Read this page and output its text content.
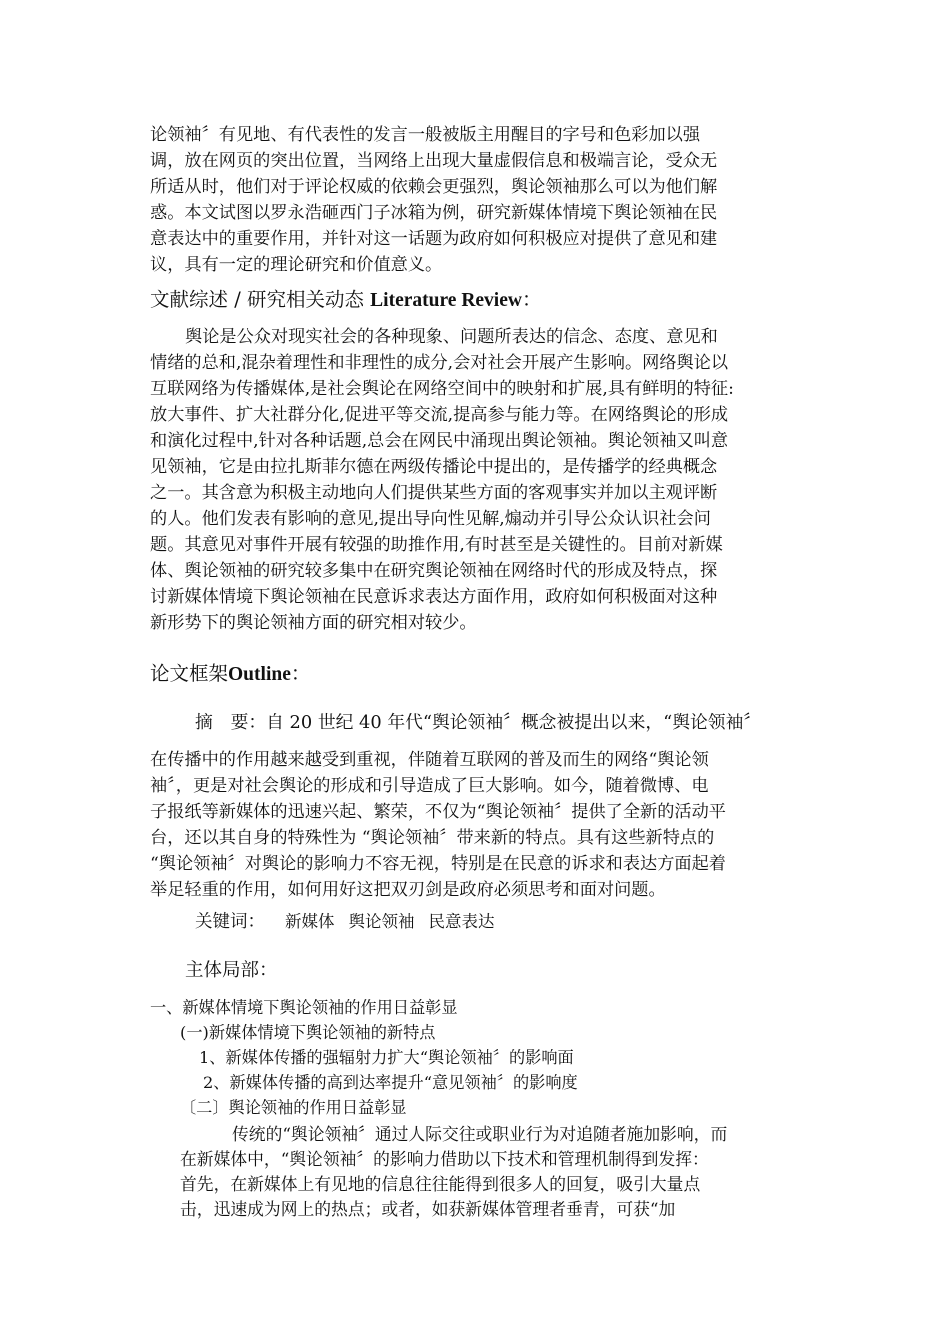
论领袖〞有见地、有代表性的发言一般被版主用醒目的字号和色彩加以强
调，放在网页的突出位置，当网络上出现大量虚假信息和极端言论，受众无
所适从时，他们对于评论权威的依赖会更强烈，舆论领袖那么可以为他们解
惑。本文试图以罗永浩砸西门子冰箱为例，研究新媒体情境下舆论领袖在民
意表达中的重要作用，并针对这一话题为政府如何积极应对提供了意见和建
议，具有一定的理论研究和价值意义。
文献综述 / 研究相关动态 Literature Review：
舆论是公众对现实社会的各种现象、问题所表达的信念、态度、意见和
情绪的总和,混杂着理性和非理性的成分,会对社会开展产生影响。网络舆论以
互联网络为传播媒体,是社会舆论在网络空间中的映射和扩展,具有鲜明的特征:
放大事件、扩大社群分化,促进平等交流,提高参与能力等。在网络舆论的形成
和演化过程中,针对各种话题,总会在网民中涌现出舆论领袖。舆论领袖又叫意
见领袖，它是由拉扎斯菲尔德在两级传播论中提出的，是传播学的经典概念
之一。其含意为积极主动地向人们提供某些方面的客观事实并加以主观评断
的人。他们发表有影响的意见,提出导向性见解,煽动并引导公众认识社会问
题。其意见对事件开展有较强的助推作用,有时甚至是关键性的。目前对新媒
体、舆论领袖的研究较多集中在研究舆论领袖在网络时代的形成及特点，探
讨新媒体情境下舆论领袖在民意诉求表达方面作用，政府如何积极面对这种
新形势下的舆论领袖方面的研究相对较少。
论文框架Outline：
摘　要：自 20 世纪 40 年代“舆论领袖〞概念被提出以来，“舆论领袖〞
在传播中的作用越来越受到重视，伴随着互联网的普及而生的网络“舆论领
袖〞，更是对社会舆论的形成和引导造成了巨大影响。如今，随着微博、电
子报纸等新媒体的迅速兴起、繁荣，不仅为“舆论领袖〞提供了全新的活动平
台，还以其自身的特殊性为 “舆论领袖〞带来新的特点。具有这些新特点的
“舆论领袖〞对舆论的影响力不容无视，特别是在民意的诉求和表达方面起着
举足轻重的作用，如何用好这把双刃剑是政府必须思考和面对问题。
关键词： 新媒体 舆论领袖 民意表达
主体局部：
一、新媒体情境下舆论领袖的作用日益彰显
(一)新媒体情境下舆论领袖的新特点
1、新媒体传播的强辐射力扩大“舆论领袖〞的影响面
2、新媒体传播的高到达率提升“意见领袖〞的影响度
〔二〕舆论领袖的作用日益彰显
传统的“舆论领袖〞通过人际交往或职业行为对追随者施加影响，而
在新媒体中，“舆论领袖〞的影响力借助以下技术和管理机制得到发挥：
首先，在新媒体上有见地的信息往往能得到很多人的回复，吸引大量点
击，迅速成为网上的热点；或者，如获新媒体管理者垂青，可获“加
